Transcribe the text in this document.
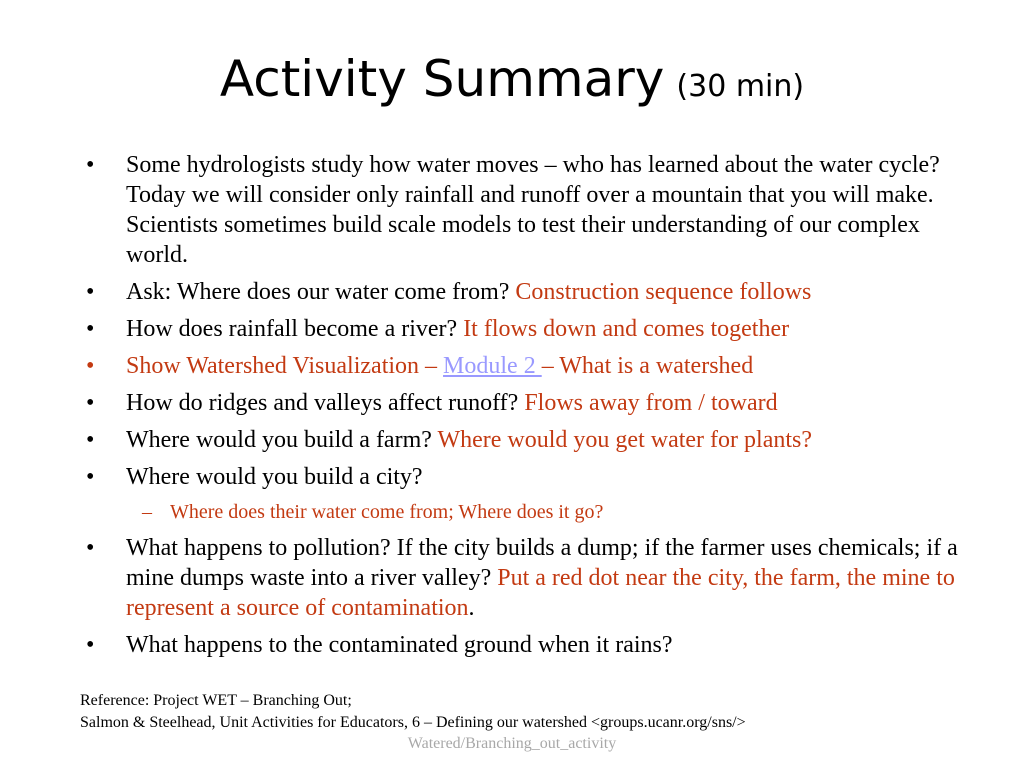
Activity Summary (30 min)
• Some hydrologists study how water moves – who has learned about the water cycle? Today we will consider only rainfall and runoff over a mountain that you will make. Scientists sometimes build scale models to test their understanding of our complex world.
• Ask: Where does our water come from? Construction sequence follows
• How does rainfall become a river? It flows down and comes together
• Show Watershed Visualization – Module 2 – What is a watershed
• How do ridges and valleys affect runoff? Flows away from / toward
• Where would you build a farm? Where would you get water for plants?
• Where would you build a city?
– Where does their water come from; Where does it go?
• What happens to pollution? If the city builds a dump; if the farmer uses chemicals; if a mine dumps waste into a river valley? Put a red dot near the city, the farm, the mine to represent a source of contamination.
• What happens to the contaminated ground when it rains?
Reference: Project WET – Branching Out;
Salmon & Steelhead, Unit Activities for Educators, 6 – Defining our watershed <groups.ucanr.org/sns/>
Watered/Branching_out_activity
